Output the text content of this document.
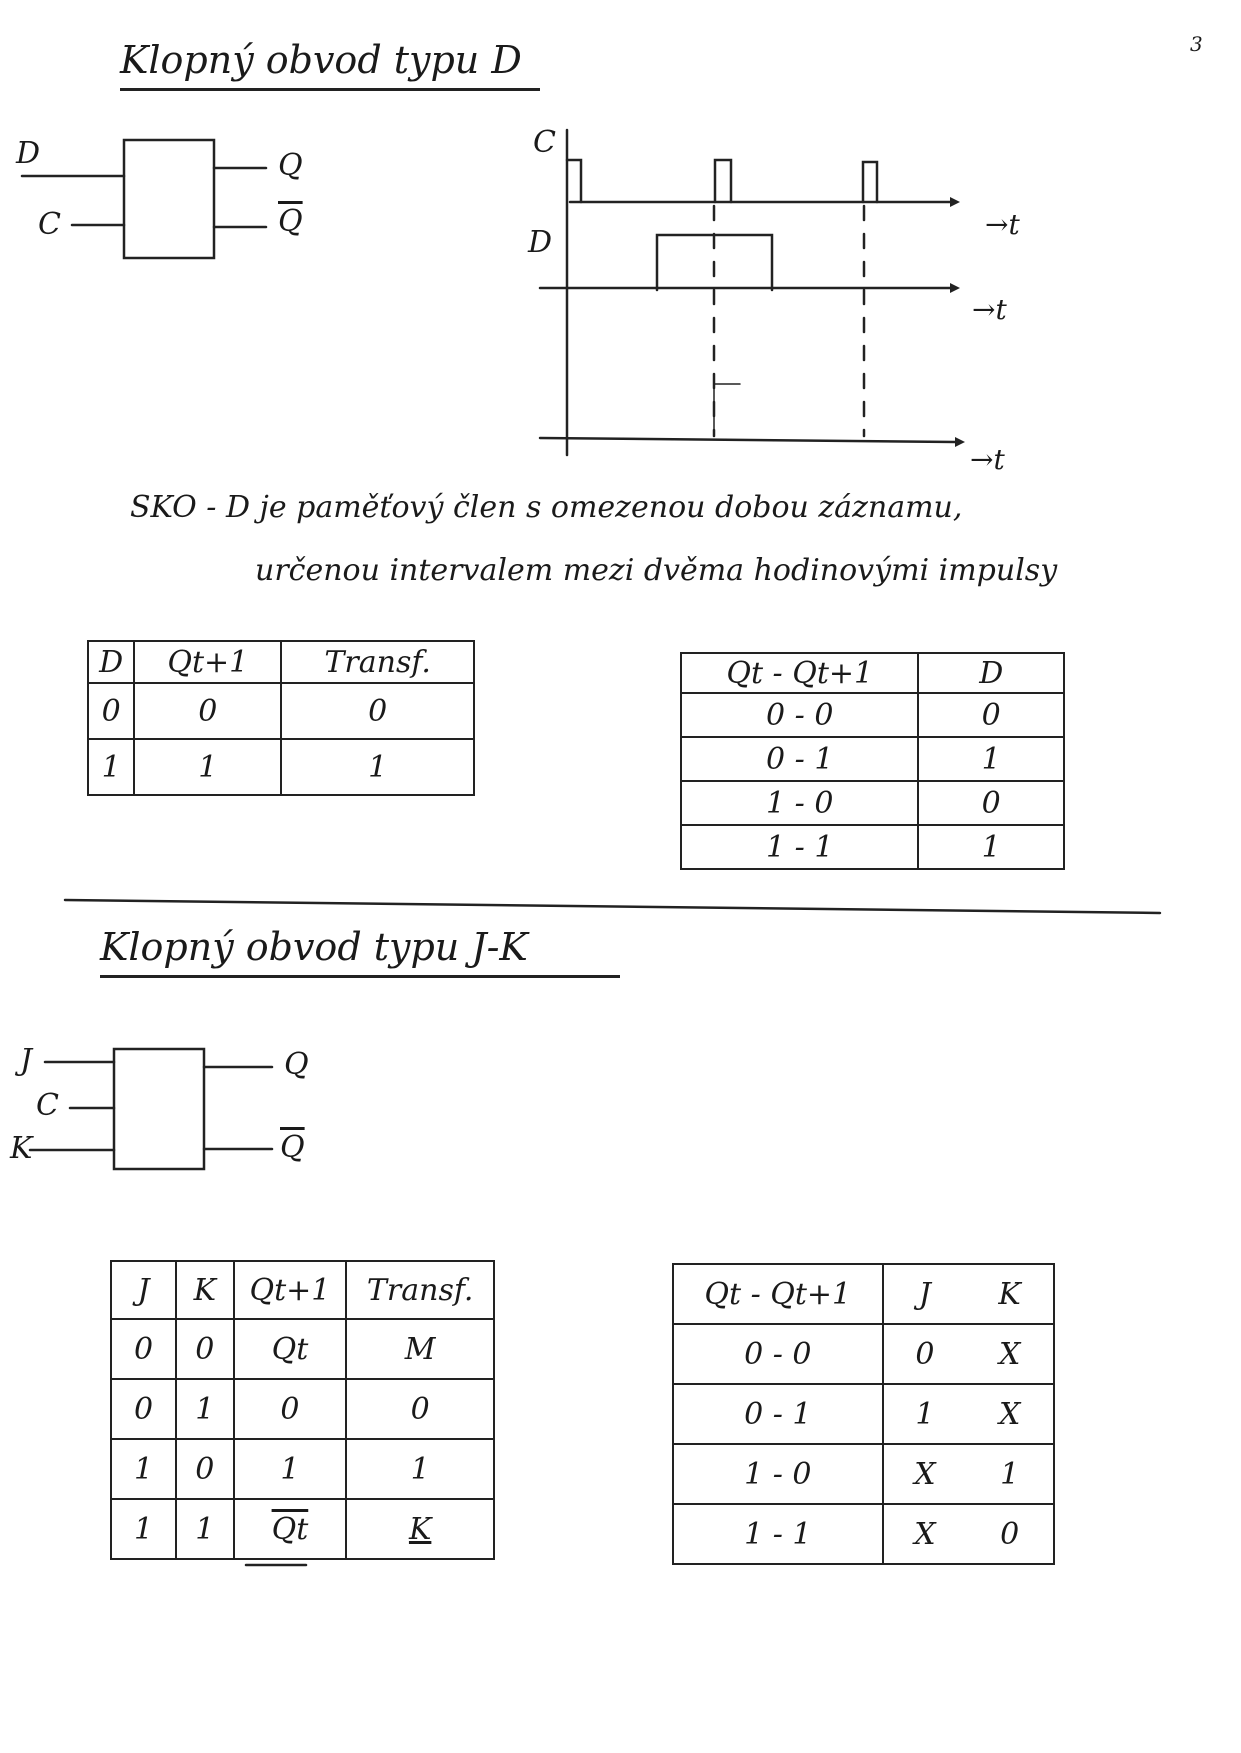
3
Klopný obvod typu D
D
C
Q
$\overline{Q}$
C
D
→t
→t
→t
SKO - D je paměťový člen s omezenou dobou záznamu,
určenou intervalem mezi dvěma hodinovými impulsy
D	Qt+1	Transf.
0	0	0
1	1	1
Qt - Qt+1	D
0 - 0	0
0 - 1	1
1 - 0	0
1 - 1	1
Klopný obvod typu J-K
J
C
K
Q
$\overline{Q}$
J	K	Qt+1	Transf.
0	0	Qt	M
0	1	0	0
1	0	1	1
1	1	$\overline{Qt}$	K
Qt - Qt+1	J	K
0 - 0	0	X
0 - 1	1	X
1 - 0	X	1
1 - 1	X	0
